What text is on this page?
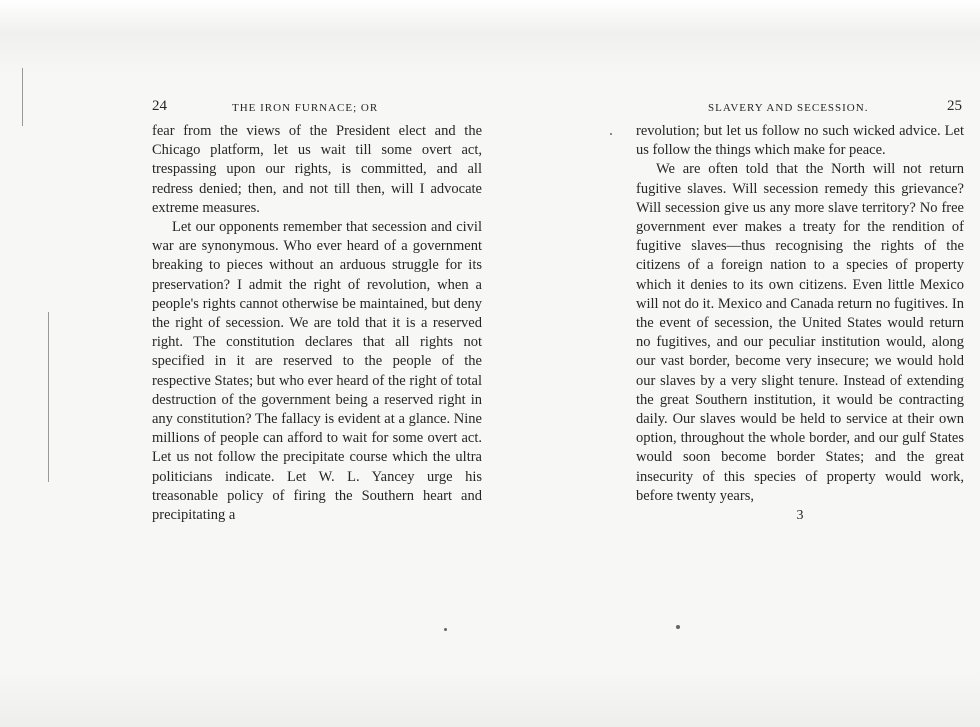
24	THE IRON FURNACE; OR

fear from the views of the President elect and the Chicago platform, let us wait till some overt act, trespassing upon our rights, is committed, and all redress denied; then, and not till then, will I advocate extreme measures.

Let our opponents remember that secession and civil war are synonymous. Who ever heard of a government breaking to pieces without an arduous struggle for its preservation? I admit the right of revolution, when a people's rights cannot otherwise be maintained, but deny the right of secession. We are told that it is a reserved right. The constitution declares that all rights not specified in it are reserved to the people of the respective States; but who ever heard of the right of total destruction of the government being a reserved right in any constitution? The fallacy is evident at a glance. Nine millions of people can afford to wait for some overt act. Let us not follow the precipitate course which the ultra politicians indicate. Let W. L. Yancey urge his treasonable policy of firing the Southern heart and precipitating a

SLAVERY AND SECESSION.	25

revolution; but let us follow no such wicked advice. Let us follow the things which make for peace.

We are often told that the North will not return fugitive slaves. Will secession remedy this grievance? Will secession give us any more slave territory? No free government ever makes a treaty for the rendition of fugitive slaves—thus recognising the rights of the citizens of a foreign nation to a species of property which it denies to its own citizens. Even little Mexico will not do it. Mexico and Canada return no fugitives. In the event of secession, the United States would return no fugitives, and our peculiar institution would, along our vast border, become very insecure; we would hold our slaves by a very slight tenure. Instead of extending the great Southern institution, it would be contracting daily. Our slaves would be held to service at their own option, throughout the whole border, and our gulf States would soon become border States; and the great insecurity of this species of property would work, before twenty years,

3
